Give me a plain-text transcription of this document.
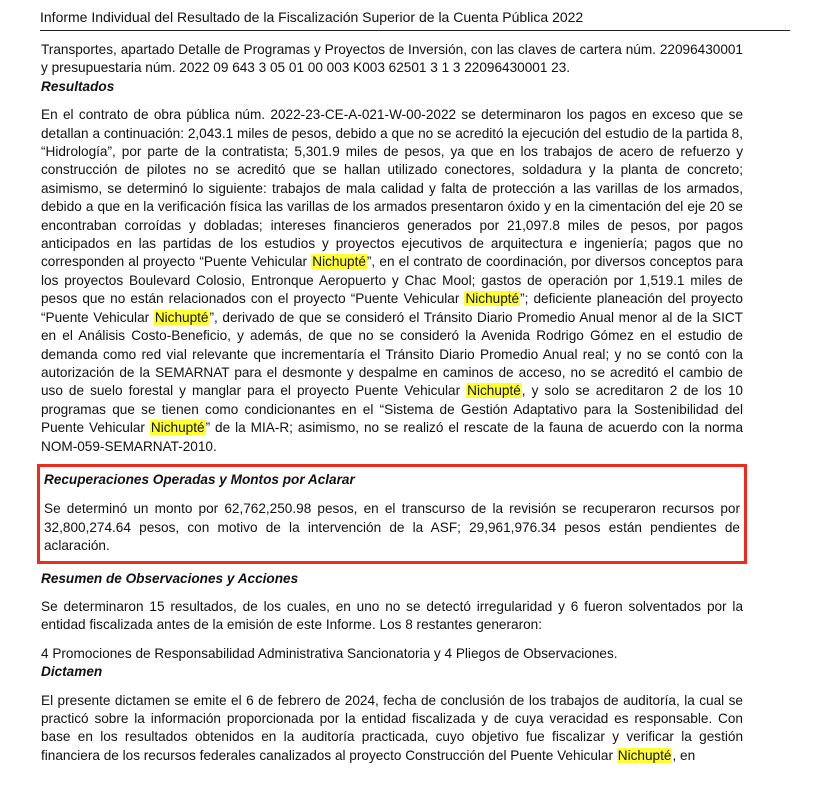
Informe Individual del Resultado de la Fiscalización Superior de la Cuenta Pública 2022

Transportes, apartado Detalle de Programas y Proyectos de Inversión, con las claves de cartera núm. 22096430001 y presupuestaria núm. 2022 09 643 3 05 01 00 003 K003 62501 3 1 3 22096430001 23.

Resultados

En el contrato de obra pública núm. 2022-23-CE-A-021-W-00-2022 se determinaron los pagos en exceso que se detallan a continuación: 2,043.1 miles de pesos, debido a que no se acreditó la ejecución del estudio de la partida 8, “Hidrología”, por parte de la contratista; 5,301.9 miles de pesos, ya que en los trabajos de acero de refuerzo y construcción de pilotes no se acreditó que se hallan utilizado conectores, soldadura y la planta de concreto; asimismo, se determinó lo siguiente: trabajos de mala calidad y falta de protección a las varillas de los armados, debido a que en la verificación física las varillas de los armados presentaron óxido y en la cimentación del eje 20 se encontraban corroídas y dobladas; intereses financieros generados por 21,097.8 miles de pesos, por pagos anticipados en las partidas de los estudios y proyectos ejecutivos de arquitectura e ingeniería; pagos que no corresponden al proyecto “Puente Vehicular Nichupté”, en el contrato de coordinación, por diversos conceptos para los proyectos Boulevard Colosio, Entronque Aeropuerto y Chac Mool; gastos de operación por 1,519.1 miles de pesos que no están relacionados con el proyecto “Puente Vehicular Nichupté”; deficiente planeación del proyecto “Puente Vehicular Nichupté”, derivado de que se consideró el Tránsito Diario Promedio Anual menor al de la SICT en el Análisis Costo-Beneficio, y además, de que no se consideró la Avenida Rodrigo Gómez en el estudio de demanda como red vial relevante que incrementaría el Tránsito Diario Promedio Anual real; y no se contó con la autorización de la SEMARNAT para el desmonte y despalme en caminos de acceso, no se acreditó el cambio de uso de suelo forestal y manglar para el proyecto Puente Vehicular Nichupté, y solo se acreditaron 2 de los 10 programas que se tienen como condicionantes en el “Sistema de Gestión Adaptativo para la Sostenibilidad del Puente Vehicular Nichupté” de la MIA-R; asimismo, no se realizó el rescate de la fauna de acuerdo con la norma NOM-059-SEMARNAT-2010.

Recuperaciones Operadas y Montos por Aclarar

Se determinó un monto por 62,762,250.98 pesos, en el transcurso de la revisión se recuperaron recursos por 32,800,274.64 pesos, con motivo de la intervención de la ASF; 29,961,976.34 pesos están pendientes de aclaración.

Resumen de Observaciones y Acciones

Se determinaron 15 resultados, de los cuales, en uno no se detectó irregularidad y 6 fueron solventados por la entidad fiscalizada antes de la emisión de este Informe. Los 8 restantes generaron:

4 Promociones de Responsabilidad Administrativa Sancionatoria y 4 Pliegos de Observaciones.

Dictamen

El presente dictamen se emite el 6 de febrero de 2024, fecha de conclusión de los trabajos de auditoría, la cual se practicó sobre la información proporcionada por la entidad fiscalizada y de cuya veracidad es responsable. Con base en los resultados obtenidos en la auditoría practicada, cuyo objetivo fue fiscalizar y verificar la gestión financiera de los recursos federales canalizados al proyecto Construcción del Puente Vehicular Nichupté, en
